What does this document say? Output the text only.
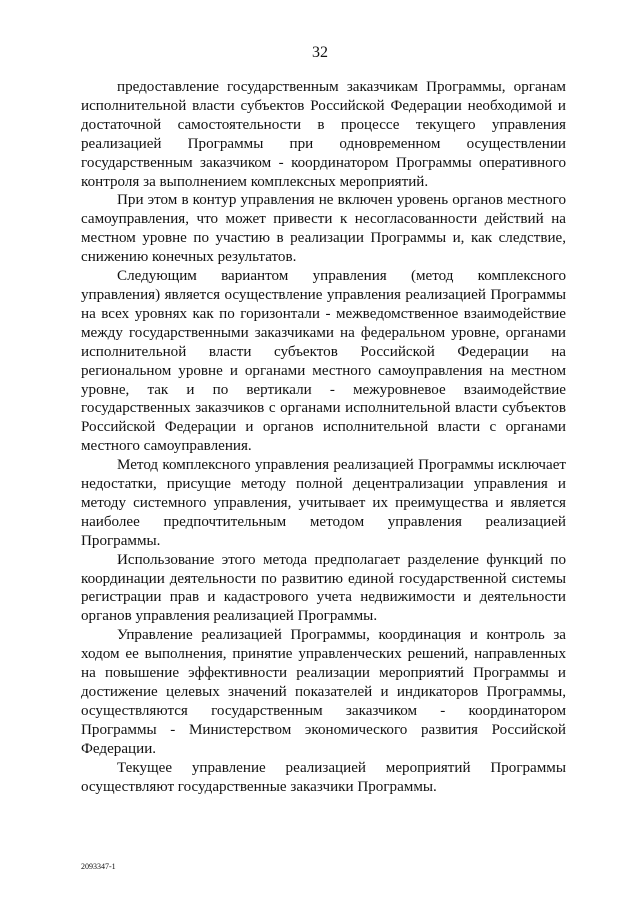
32

предоставление государственным заказчикам Программы, органам исполнительной власти субъектов Российской Федерации необходимой и достаточной самостоятельности в процессе текущего управления реализацией Программы при одновременном осуществлении государственным заказчиком - координатором Программы оперативного контроля за выполнением комплексных мероприятий.

При этом в контур управления не включен уровень органов местного самоуправления, что может привести к несогласованности действий на местном уровне по участию в реализации Программы и, как следствие, снижению конечных результатов.

Следующим вариантом управления (метод комплексного управления) является осуществление управления реализацией Программы на всех уровнях как по горизонтали - межведомственное взаимодействие между государственными заказчиками на федеральном уровне, органами исполнительной власти субъектов Российской Федерации на региональном уровне и органами местного самоуправления на местном уровне, так и по вертикали - межуровневое взаимодействие государственных заказчиков с органами исполнительной власти субъектов Российской Федерации и органов исполнительной власти с органами местного самоуправления.

Метод комплексного управления реализацией Программы исключает недостатки, присущие методу полной децентрализации управления и методу системного управления, учитывает их преимущества и является наиболее предпочтительным методом управления реализацией Программы.

Использование этого метода предполагает разделение функций по координации деятельности по развитию единой государственной системы регистрации прав и кадастрового учета недвижимости и деятельности органов управления реализацией Программы.

Управление реализацией Программы, координация и контроль за ходом ее выполнения, принятие управленческих решений, направленных на повышение эффективности реализации мероприятий Программы и достижение целевых значений показателей и индикаторов Программы, осуществляются государственным заказчиком - координатором Программы - Министерством экономического развития Российской Федерации.

Текущее управление реализацией мероприятий Программы осуществляют государственные заказчики Программы.

2093347-1
